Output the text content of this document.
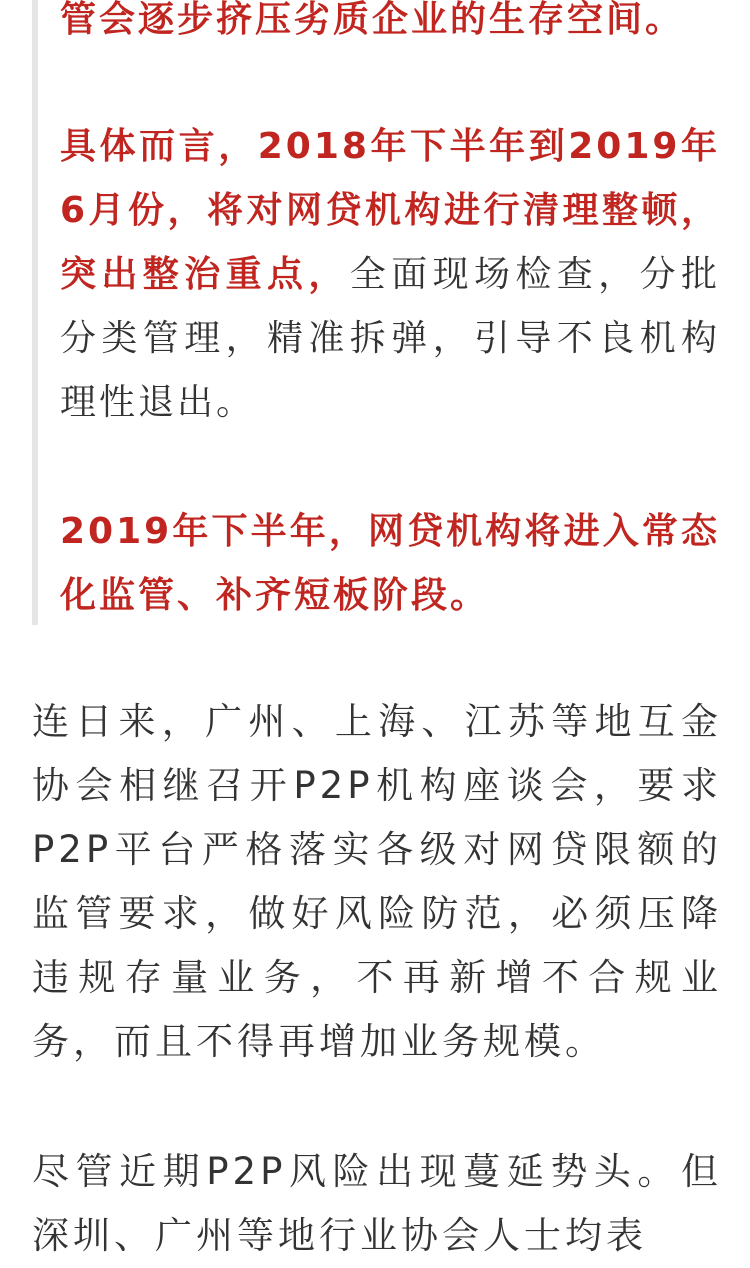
管会逐步挤压劣质企业的生存空间。

具体而言，2018年下半年到2019年6月份，将对网贷机构进行清理整顿，突出整治重点，全面现场检查，分批分类管理，精准拆弹，引导不良机构理性退出。

2019年下半年，网贷机构将进入常态化监管、补齐短板阶段。

连日来，广州、上海、江苏等地互金协会相继召开P2P机构座谈会，要求P2P平台严格落实各级对网贷限额的监管要求，做好风险防范，必须压降违规存量业务，不再新增不合规业务，而且不得再增加业务规模。

尽管近期P2P风险出现蔓延势头。但深圳、广州等地行业协会人士均表
